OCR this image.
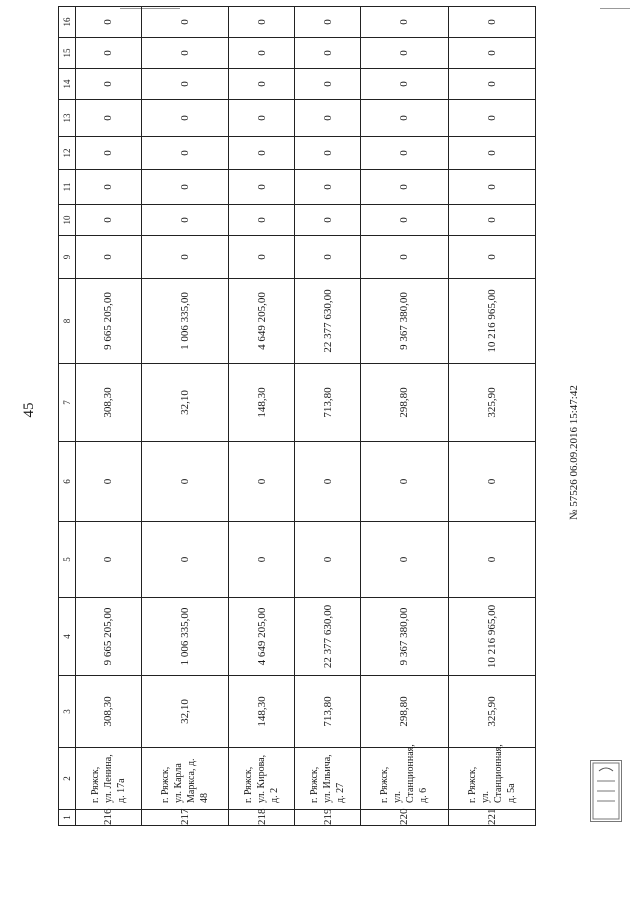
45	№ 57526 06.09.2016 15:47:42
1	2	3	4	5	6	7	8	9	10	11	12	13	14	15	16
216	г. Ряжск, ул. Ленина, д. 17а	308,30	9 665 205,00	0	0	308,30	9 665 205,00	0	0	0	0	0	0	0	0
217	г. Ряжск, ул. Карла Маркса, д. 48	32,10	1 006 335,00	0	0	32,10	1 006 335,00	0	0	0	0	0	0	0	0
218	г. Ряжск, ул. Кирова, д. 2	148,30	4 649 205,00	0	0	148,30	4 649 205,00	0	0	0	0	0	0	0	0
219	г. Ряжск, ул. Ильича, д. 27	713,80	22 377 630,00	0	0	713,80	22 377 630,00	0	0	0	0	0	0	0	0
220	г. Ряжск, ул. Станционная, д. 6	298,80	9 367 380,00	0	0	298,80	9 367 380,00	0	0	0	0	0	0	0	0
221	г. Ряжск, ул. Станционная, д. 5а	325,90	10 216 965,00	0	0	325,90	10 216 965,00	0	0	0	0	0	0	0	0
